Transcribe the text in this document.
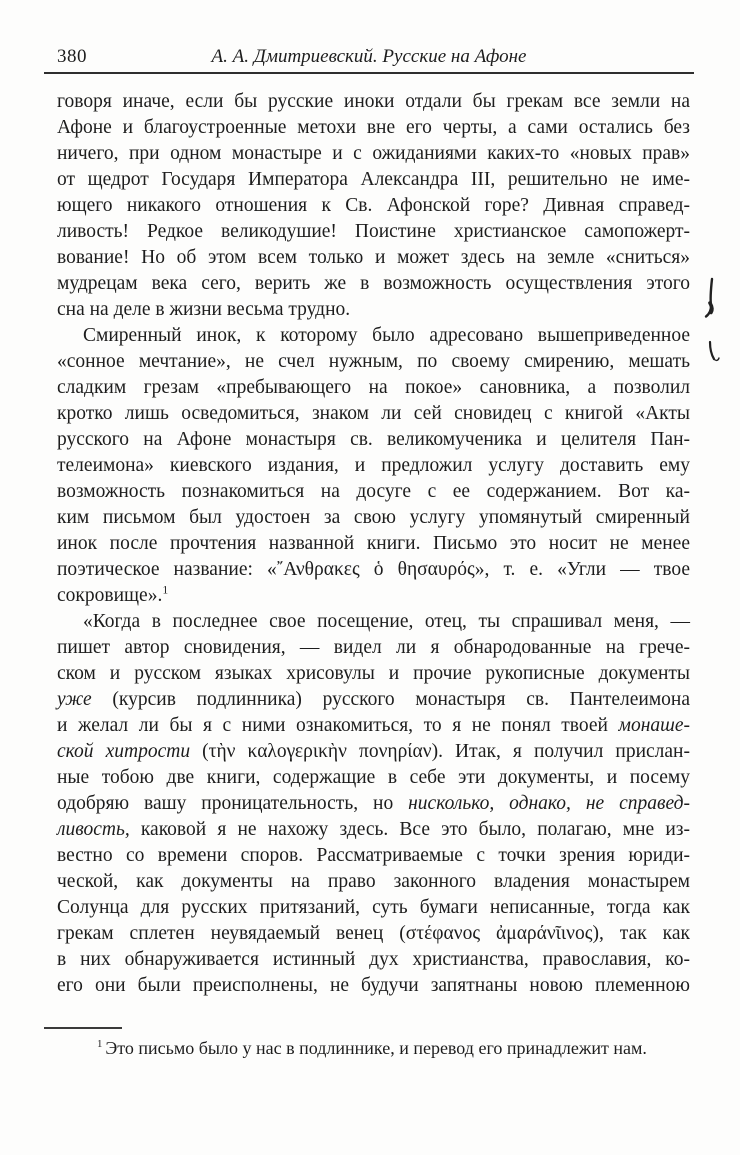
380	А. А. Дмитриевский. Русские на Афоне
говоря иначе, если бы русские иноки отдали бы грекам все земли на
Афоне и благоустроенные метохи вне его черты, а сами остались без
ничего, при одном монастыре и с ожиданиями каких-то «новых прав»
от щедрот Государя Императора Александра III, решительно не име-
ющего никакого отношения к Св. Афонской горе? Дивная справед-
ливость! Редкое великодушие! Поистине христианское самопожерт-
вование! Но об этом всем только и может здесь на земле «сниться»
мудрецам века сего, верить же в возможность осуществления этого
сна на деле в жизни весьма трудно.
Смиренный инок, к которому было адресовано вышеприведенное
«сонное мечтание», не счел нужным, по своему смирению, мешать
сладким грезам «пребывающего на покое» сановника, а позволил
кротко лишь осведомиться, знаком ли сей сновидец с книгой «Акты
русского на Афоне монастыря св. великомученика и целителя Пан-
телеимона» киевского издания, и предложил услугу доставить ему
возможность познакомиться на досуге с ее содержанием. Вот ка-
ким письмом был удостоен за свою услугу упомянутый смиренный
инок после прочтения названной книги. Письмо это носит не менее
поэтическое название: «῎Ανθρακες ὁ θησαυρός», т. е. «Угли — твое
сокровище».$^1$
«Когда в последнее свое посещение, отец, ты спрашивал меня, —
пишет автор сновидения, — видел ли я обнародованные на грече-
ском и русском языках хрисовулы и прочие рукописные документы
уже (курсив подлинника) русского монастыря св. Пантелеимона
и желал ли бы я с ними ознакомиться, то я не понял твоей монаше-
ской хитрости (τὴν καλογερικὴν πονηρίαν). Итак, я получил прислан-
ные тобою две книги, содержащие в себе эти документы, и посему
одобряю вашу проницательность, но нисколько, однако, не справед-
ливость, каковой я не нахожу здесь. Все это было, полагаю, мне из-
вестно со времени споров. Рассматриваемые с точки зрения юриди-
ческой, как документы на право законного владения монастырем
Солунца для русских притязаний, суть бумаги неписанные, тогда как
грекам сплетен неувядаемый венец (στέφανος ἀμαράνῖινος), так как
в них обнаруживается истинный дух христианства, православия, ко-
его они были преисполнены, не будучи запятнаны новою племенною
$^1$ Это письмо было у нас в подлиннике, и перевод его принадлежит нам.
